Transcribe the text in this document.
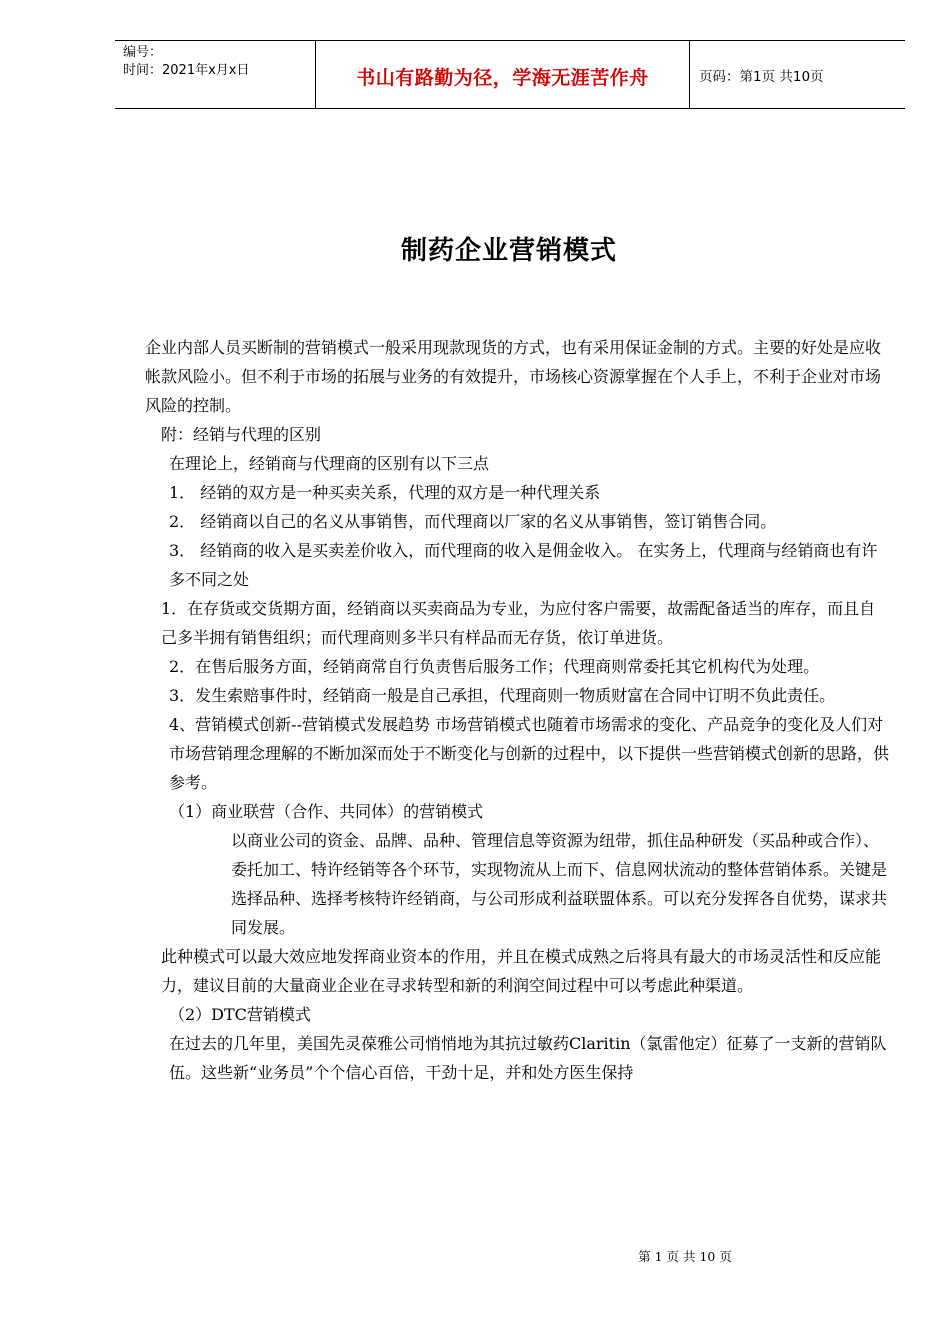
编号：
时间：2021年x月x日	书山有路勤为径，学海无涯苦作舟	页码：第1页 共10页
制药企业营销模式

企业内部人员买断制的营销模式一般采用现款现货的方式，也有采用保证金制的方式。主要的好处是应收帐款风险小。但不利于市场的拓展与业务的有效提升，市场核心资源掌握在个人手上，不利于企业对市场风险的控制。

附：经销与代理的区别

在理论上，经销商与代理商的区别有以下三点

1． 经销的双方是一种买卖关系，代理的双方是一种代理关系

2． 经销商以自己的名义从事销售，而代理商以厂家的名义从事销售，签订销售合同。

3． 经销商的收入是买卖差价收入，而代理商的收入是佣金收入。 在实务上，代理商与经销商也有许多不同之处

1．在存货或交货期方面，经销商以买卖商品为专业，为应付客户需要，故需配备适当的库存，而且自己多半拥有销售组织；而代理商则多半只有样品而无存货，依订单进货。

2．在售后服务方面，经销商常自行负责售后服务工作；代理商则常委托其它机构代为处理。

3．发生索赔事件时，经销商一般是自己承担，代理商则一物质财富在合同中订明不负此责任。

4、营销模式创新--营销模式发展趋势 市场营销模式也随着市场需求的变化、产品竞争的变化及人们对市场营销理念理解的不断加深而处于不断变化与创新的过程中，以下提供一些营销模式创新的思路，供参考。

（1）商业联营（合作、共同体）的营销模式

以商业公司的资金、品牌、品种、管理信息等资源为纽带，抓住品种研发（买品种或合作）、委托加工、特许经销等各个环节，实现物流从上而下、信息网状流动的整体营销体系。关键是选择品种、选择考核特许经销商，与公司形成利益联盟体系。可以充分发挥各自优势，谋求共同发展。

此种模式可以最大效应地发挥商业资本的作用，并且在模式成熟之后将具有最大的市场灵活性和反应能力，建议目前的大量商业企业在寻求转型和新的利润空间过程中可以考虑此种渠道。

（2）DTC营销模式

在过去的几年里，美国先灵葆雅公司悄悄地为其抗过敏药Claritin（氯雷他定）征募了一支新的营销队伍。这些新“业务员”个个信心百倍，干劲十足，并和处方医生保持

第 1 页 共 10 页
